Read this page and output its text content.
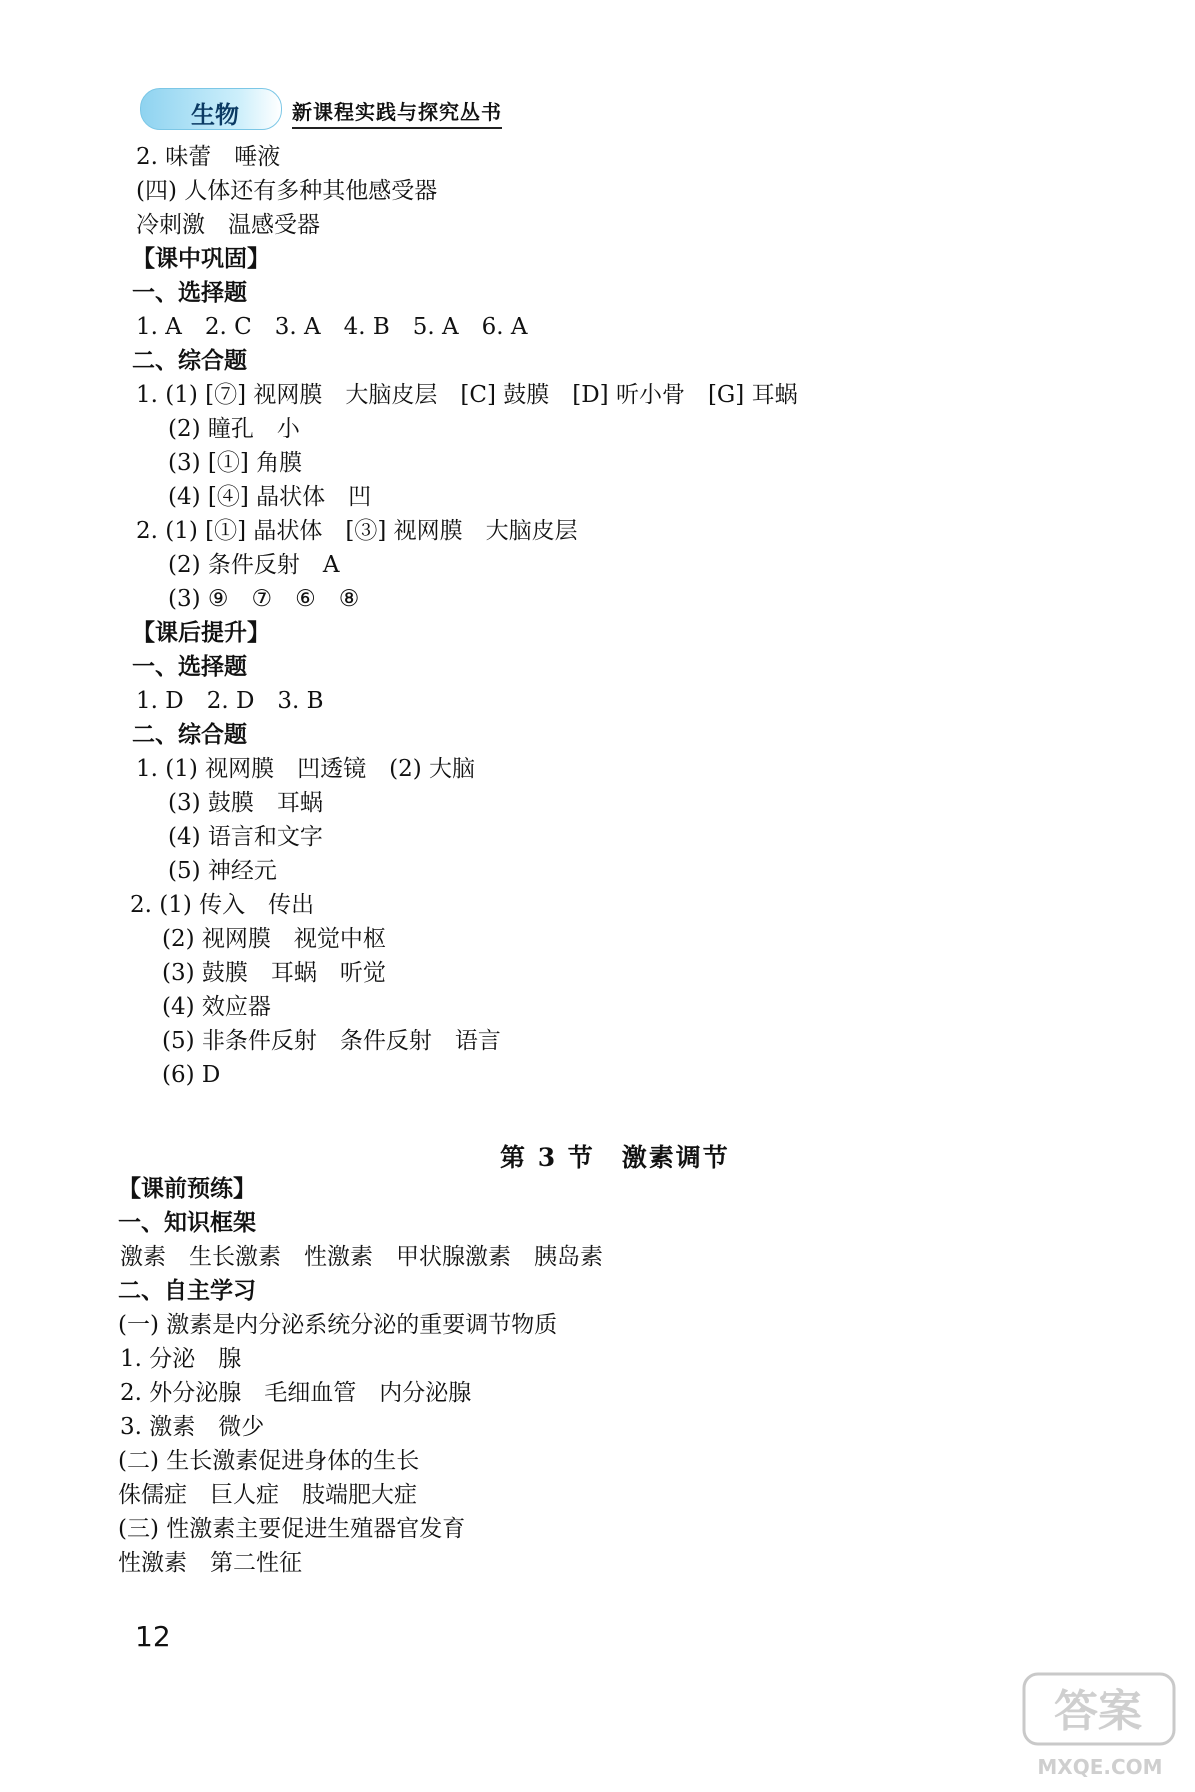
生物	新课程实践与探究丛书
2. 味蕾　唾液
(四) 人体还有多种其他感受器
冷刺激　温感受器
【课中巩固】
一、选择题
1. A　2. C　3. A　4. B　5. A　6. A
二、综合题
1. (1) [⑦] 视网膜　大脑皮层　[C] 鼓膜　[D] 听小骨　[G] 耳蜗
(2) 瞳孔　小
(3) [①] 角膜
(4) [④] 晶状体　凹
2. (1) [①] 晶状体　[③] 视网膜　大脑皮层
(2) 条件反射　A
(3) ⑨　⑦　⑥　⑧
【课后提升】
一、选择题
1. D　2. D　3. B
二、综合题
1. (1) 视网膜　凹透镜　(2) 大脑
(3) 鼓膜　耳蜗
(4) 语言和文字
(5) 神经元
2. (1) 传入　传出
(2) 视网膜　视觉中枢
(3) 鼓膜　耳蜗　听觉
(4) 效应器
(5) 非条件反射　条件反射　语言
(6) D
【课前预练】
一、知识框架
激素　生长激素　性激素　甲状腺激素　胰岛素
二、自主学习
(一) 激素是内分泌系统分泌的重要调节物质
1. 分泌　腺
2. 外分泌腺　毛细血管　内分泌腺
3. 激素　微少
(二) 生长激素促进身体的生长
侏儒症　巨人症　肢端肥大症
(三) 性激素主要促进生殖器官发育
性激素　第二性征
第 3 节　激素调节
12
答案
MXQE.COM
